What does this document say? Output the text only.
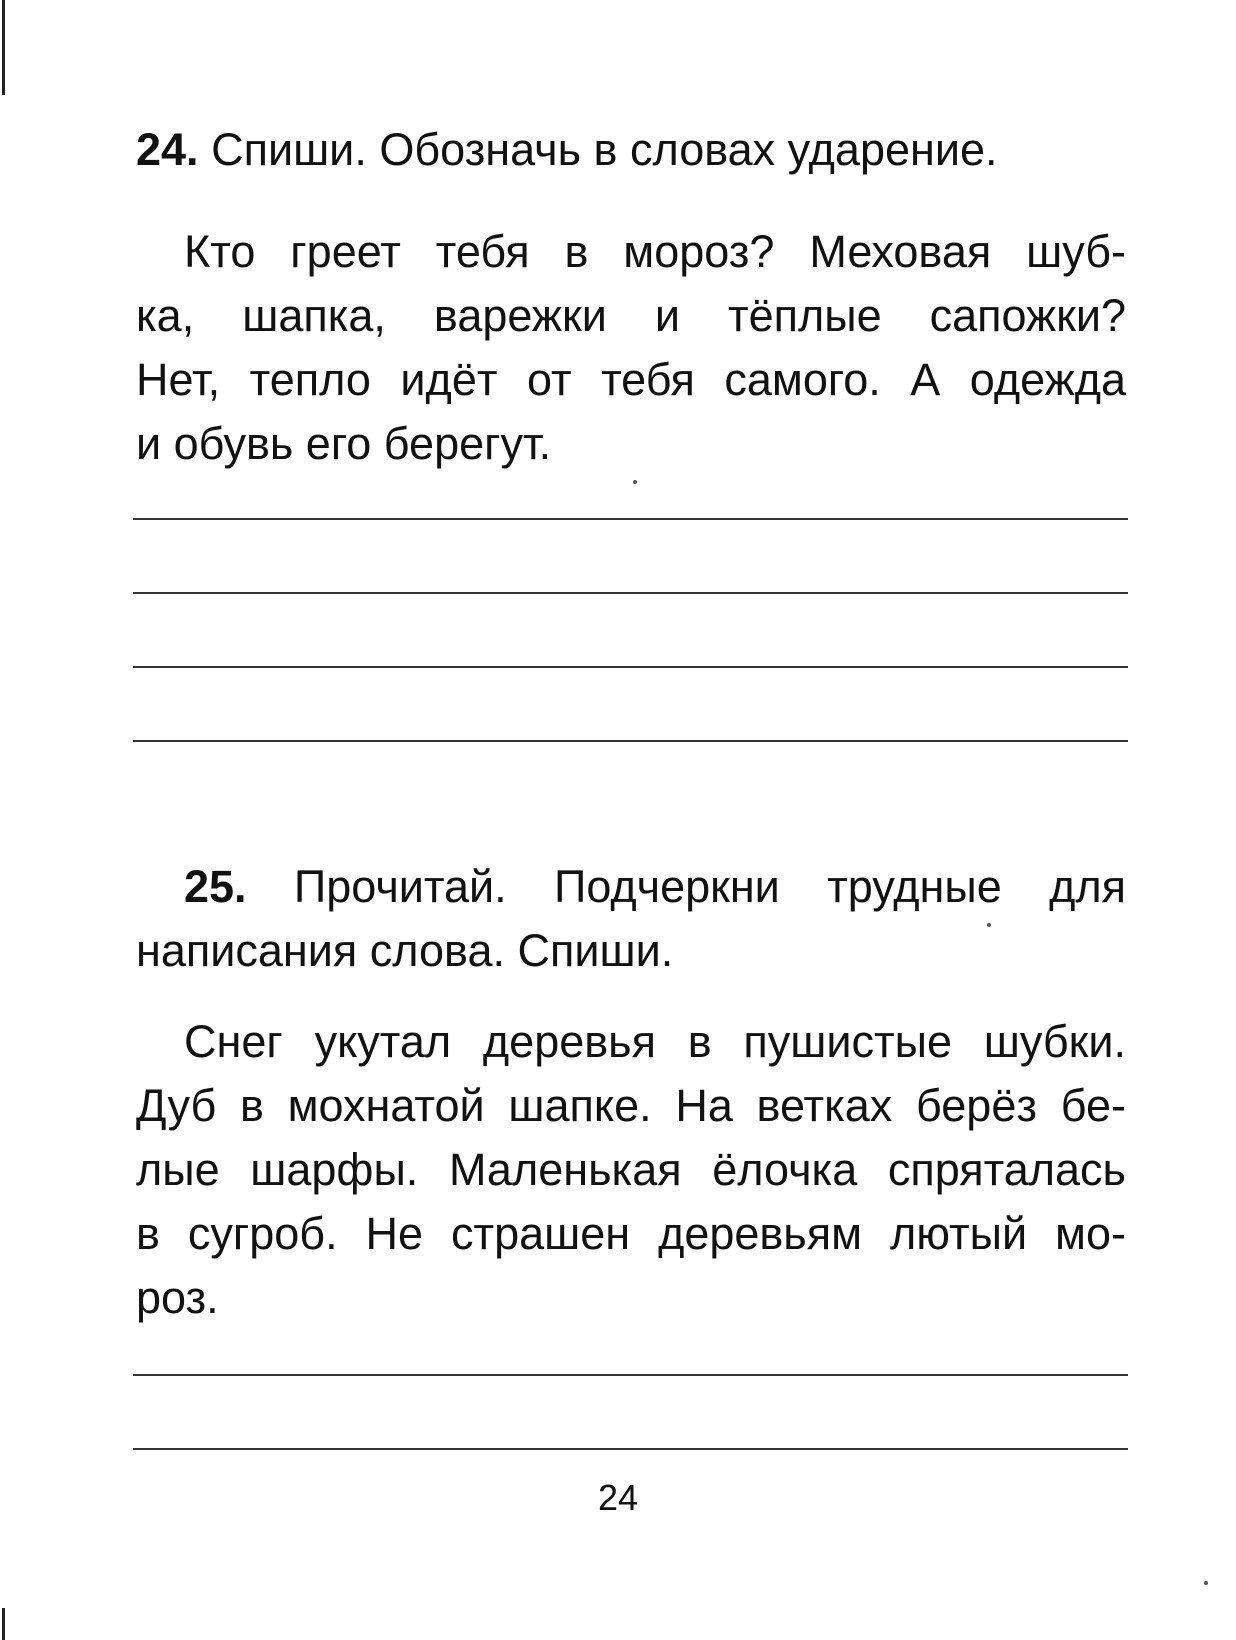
24. Спиши. Обозначь в словах ударение.

Кто греет тебя в мороз? Меховая шуб-
ка, шапка, варежки и тёплые сапожки?
Нет, тепло идёт от тебя самого. А одежда
и обувь его берегут.

25. Прочитай. Подчеркни трудные для
написания слова. Спиши.

Снег укутал деревья в пушистые шубки.
Дуб в мохнатой шапке. На ветках берёз бе-
лые шарфы. Маленькая ёлочка спряталась
в сугроб. Не страшен деревьям лютый мо-
роз.

24
